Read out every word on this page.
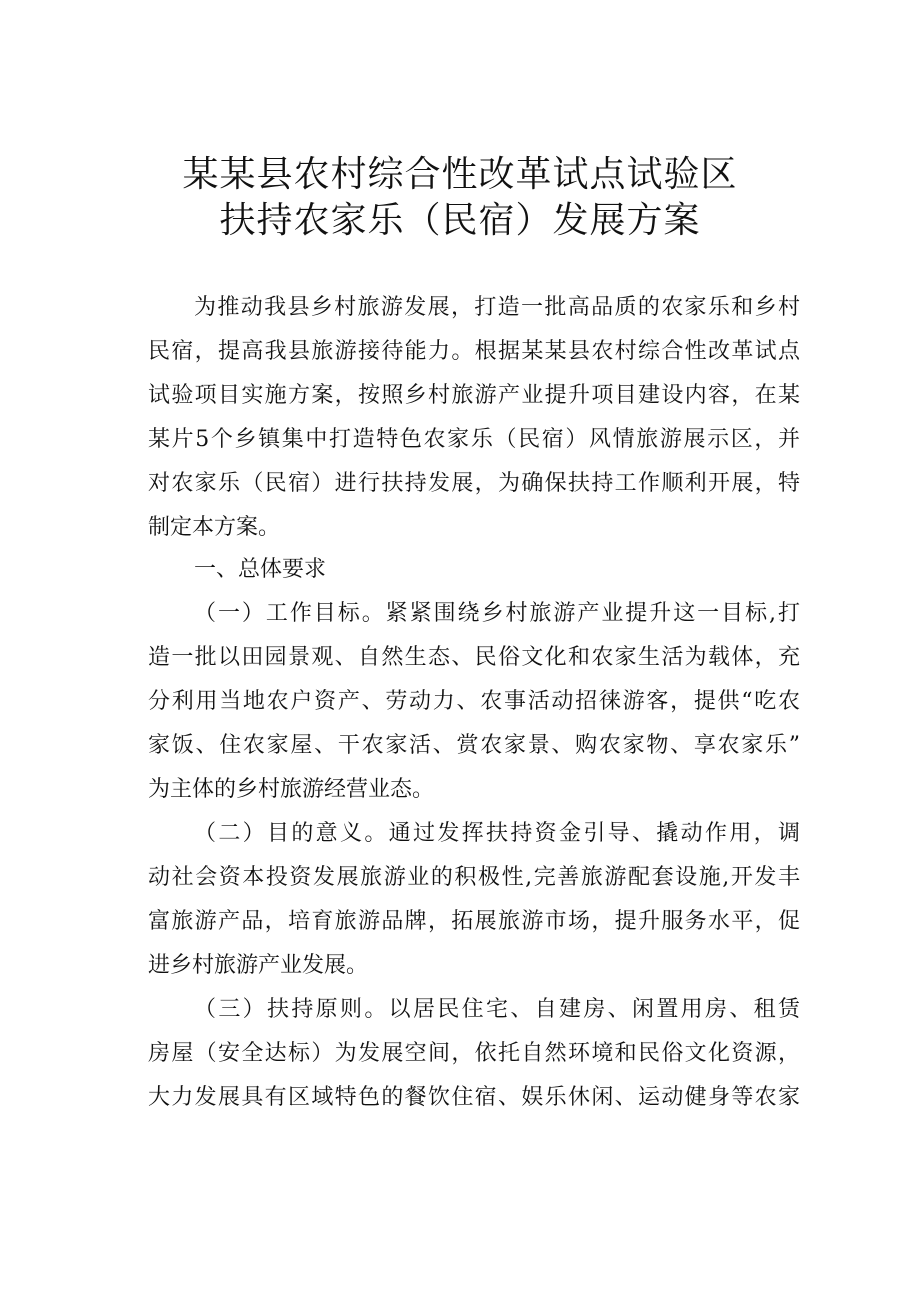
某某县农村综合性改革试点试验区
扶持农家乐（民宿）发展方案
为推动我县乡村旅游发展，打造一批高品质的农家乐和乡村
民宿，提高我县旅游接待能力。根据某某县农村综合性改革试点
试验项目实施方案，按照乡村旅游产业提升项目建设内容，在某
某片5个乡镇集中打造特色农家乐（民宿）风情旅游展示区，并
对农家乐（民宿）进行扶持发展，为确保扶持工作顺利开展，特
制定本方案。
一、总体要求
（一）工作目标。紧紧围绕乡村旅游产业提升这一目标,打
造一批以田园景观、自然生态、民俗文化和农家生活为载体，充
分利用当地农户资产、劳动力、农事活动招徕游客，提供“吃农
家饭、住农家屋、干农家活、赏农家景、购农家物、享农家乐”
为主体的乡村旅游经营业态。
（二）目的意义。通过发挥扶持资金引导、撬动作用，调
动社会资本投资发展旅游业的积极性,完善旅游配套设施,开发丰
富旅游产品，培育旅游品牌，拓展旅游市场，提升服务水平，促
进乡村旅游产业发展。
（三）扶持原则。以居民住宅、自建房、闲置用房、租赁
房屋（安全达标）为发展空间，依托自然环境和民俗文化资源，
大力发展具有区域特色的餐饮住宿、娱乐休闲、运动健身等农家
